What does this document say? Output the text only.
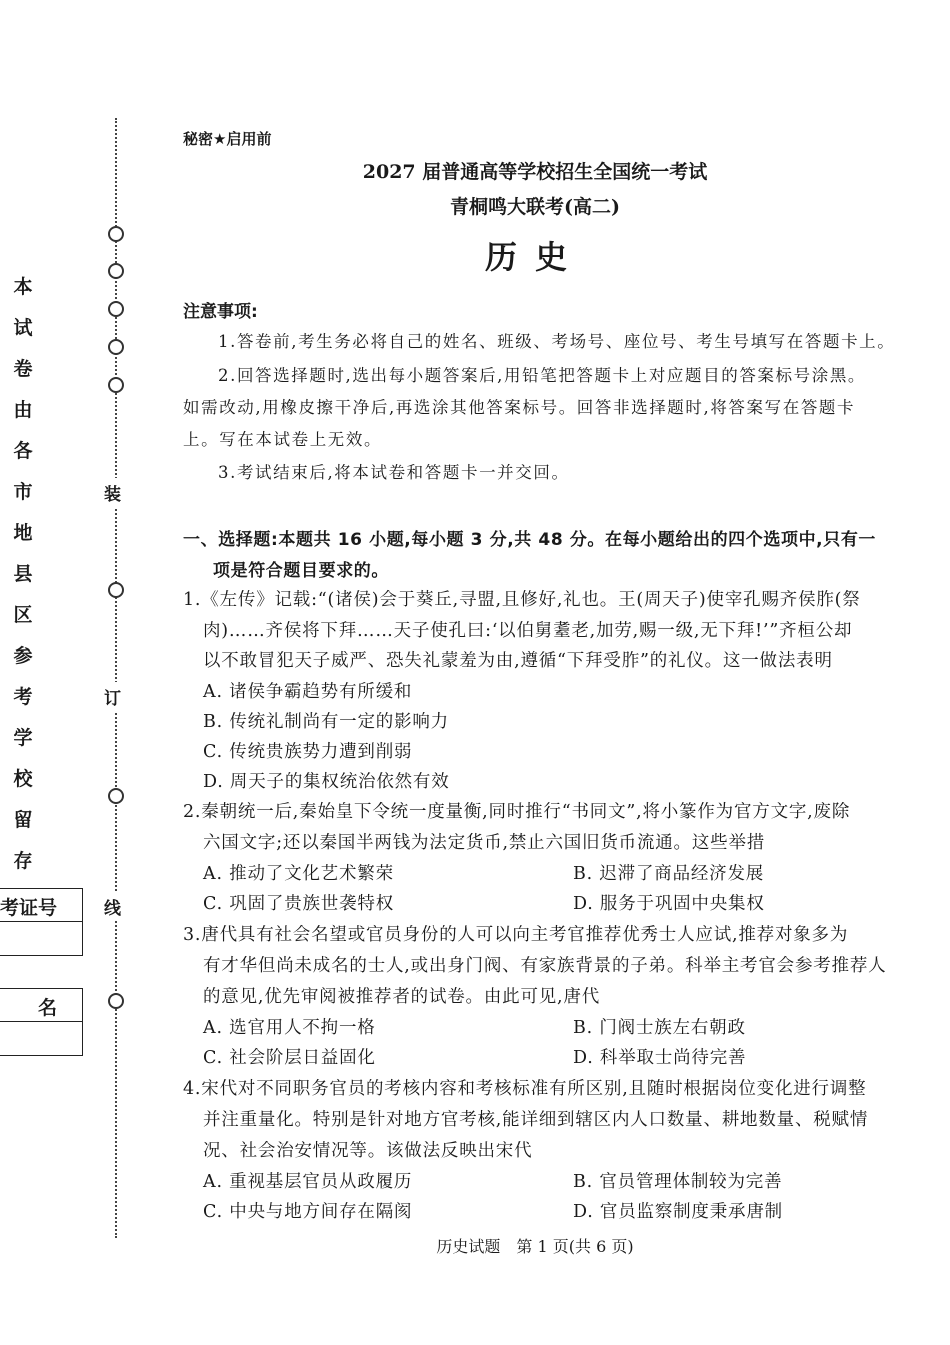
本
试
卷
由
各
市
地
县
区
参
考
学
校
留
存
装
订
线
考证号
名
秘密★启用前
2027 届普通高等学校招生全国统一考试
青桐鸣大联考(高二)
历史
注意事项:
1.答卷前,考生务必将自己的姓名、班级、考场号、座位号、考生号填写在答题卡上。
2.回答选择题时,选出每小题答案后,用铅笔把答题卡上对应题目的答案标号涂黑。
如需改动,用橡皮擦干净后,再选涂其他答案标号。回答非选择题时,将答案写在答题卡
上。写在本试卷上无效。
3.考试结束后,将本试卷和答题卡一并交回。
一、选择题:本题共 16 小题,每小题 3 分,共 48 分。在每小题给出的四个选项中,只有一
项是符合题目要求的。
1.《左传》记载:“(诸侯)会于葵丘,寻盟,且修好,礼也。王(周天子)使宰孔赐齐侯胙(祭
肉)……齐侯将下拜……天子使孔曰:‘以伯舅耋老,加劳,赐一级,无下拜!’”齐桓公却
以不敢冒犯天子威严、恐失礼蒙羞为由,遵循“下拜受胙”的礼仪。这一做法表明
A. 诸侯争霸趋势有所缓和
B. 传统礼制尚有一定的影响力
C. 传统贵族势力遭到削弱
D. 周天子的集权统治依然有效
2.秦朝统一后,秦始皇下令统一度量衡,同时推行“书同文”,将小篆作为官方文字,废除
六国文字;还以秦国半两钱为法定货币,禁止六国旧货币流通。这些举措
A. 推动了文化艺术繁荣	B. 迟滞了商品经济发展
C. 巩固了贵族世袭特权	D. 服务于巩固中央集权
3.唐代具有社会名望或官员身份的人可以向主考官推荐优秀士人应试,推荐对象多为
有才华但尚未成名的士人,或出身门阀、有家族背景的子弟。科举主考官会参考推荐人
的意见,优先审阅被推荐者的试卷。由此可见,唐代
A. 选官用人不拘一格	B. 门阀士族左右朝政
C. 社会阶层日益固化	D. 科举取士尚待完善
4.宋代对不同职务官员的考核内容和考核标准有所区别,且随时根据岗位变化进行调整
并注重量化。特别是针对地方官考核,能详细到辖区内人口数量、耕地数量、税赋情
况、社会治安情况等。该做法反映出宋代
A. 重视基层官员从政履历	B. 官员管理体制较为完善
C. 中央与地方间存在隔阂	D. 官员监察制度秉承唐制
历史试题　第 1 页(共 6 页)
